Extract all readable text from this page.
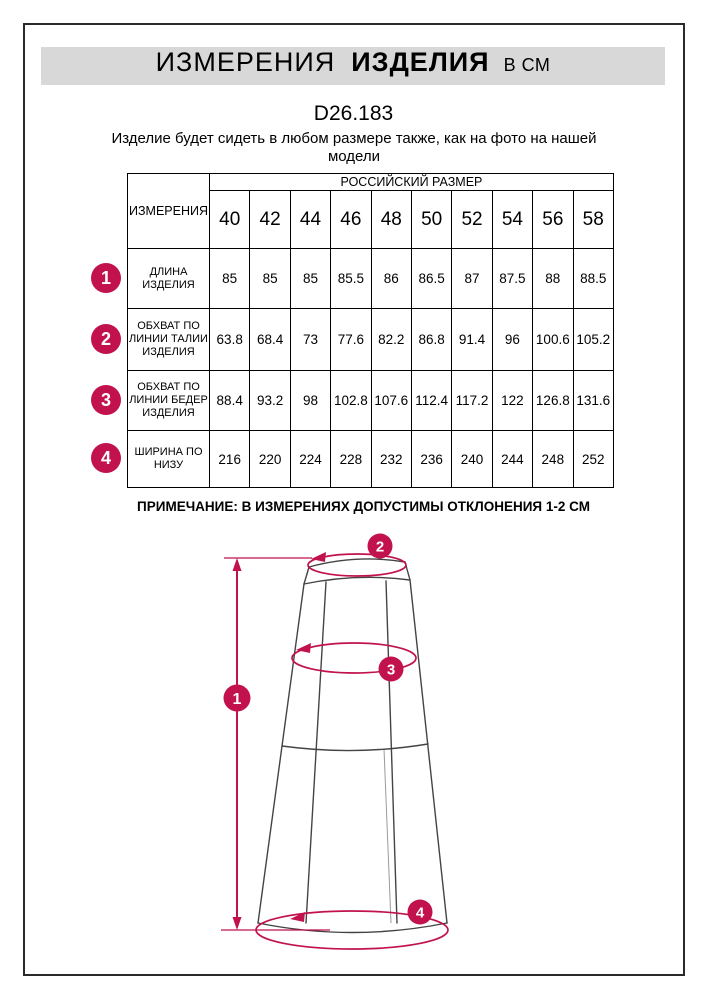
ИЗМЕРЕНИЯ ИЗДЕЛИЯ В СМ
D26.183
Изделие будет сидеть в любом размере также, как на фото на нашей модели
ИЗМЕРЕНИЯ	РОССИЙСКИЙ РАЗМЕР									
	40	42	44	46	48	50	52	54	56	58
ДЛИНА ИЗДЕЛИЯ	85	85	85	85.5	86	86.5	87	87.5	88	88.5
ОБХВАТ ПО ЛИНИИ ТАЛИИ ИЗДЕЛИЯ	63.8	68.4	73	77.6	82.2	86.8	91.4	96	100.6	105.2
ОБХВАТ ПО ЛИНИИ БЕДЕР ИЗДЕЛИЯ	88.4	93.2	98	102.8	107.6	112.4	117.2	122	126.8	131.6
ШИРИНА ПО НИЗУ	216	220	224	228	232	236	240	244	248	252
1
2
3
4
ПРИМЕЧАНИЕ: В ИЗМЕРЕНИЯХ ДОПУСТИМЫ ОТКЛОНЕНИЯ 1-2 СМ
1
2
3
4
